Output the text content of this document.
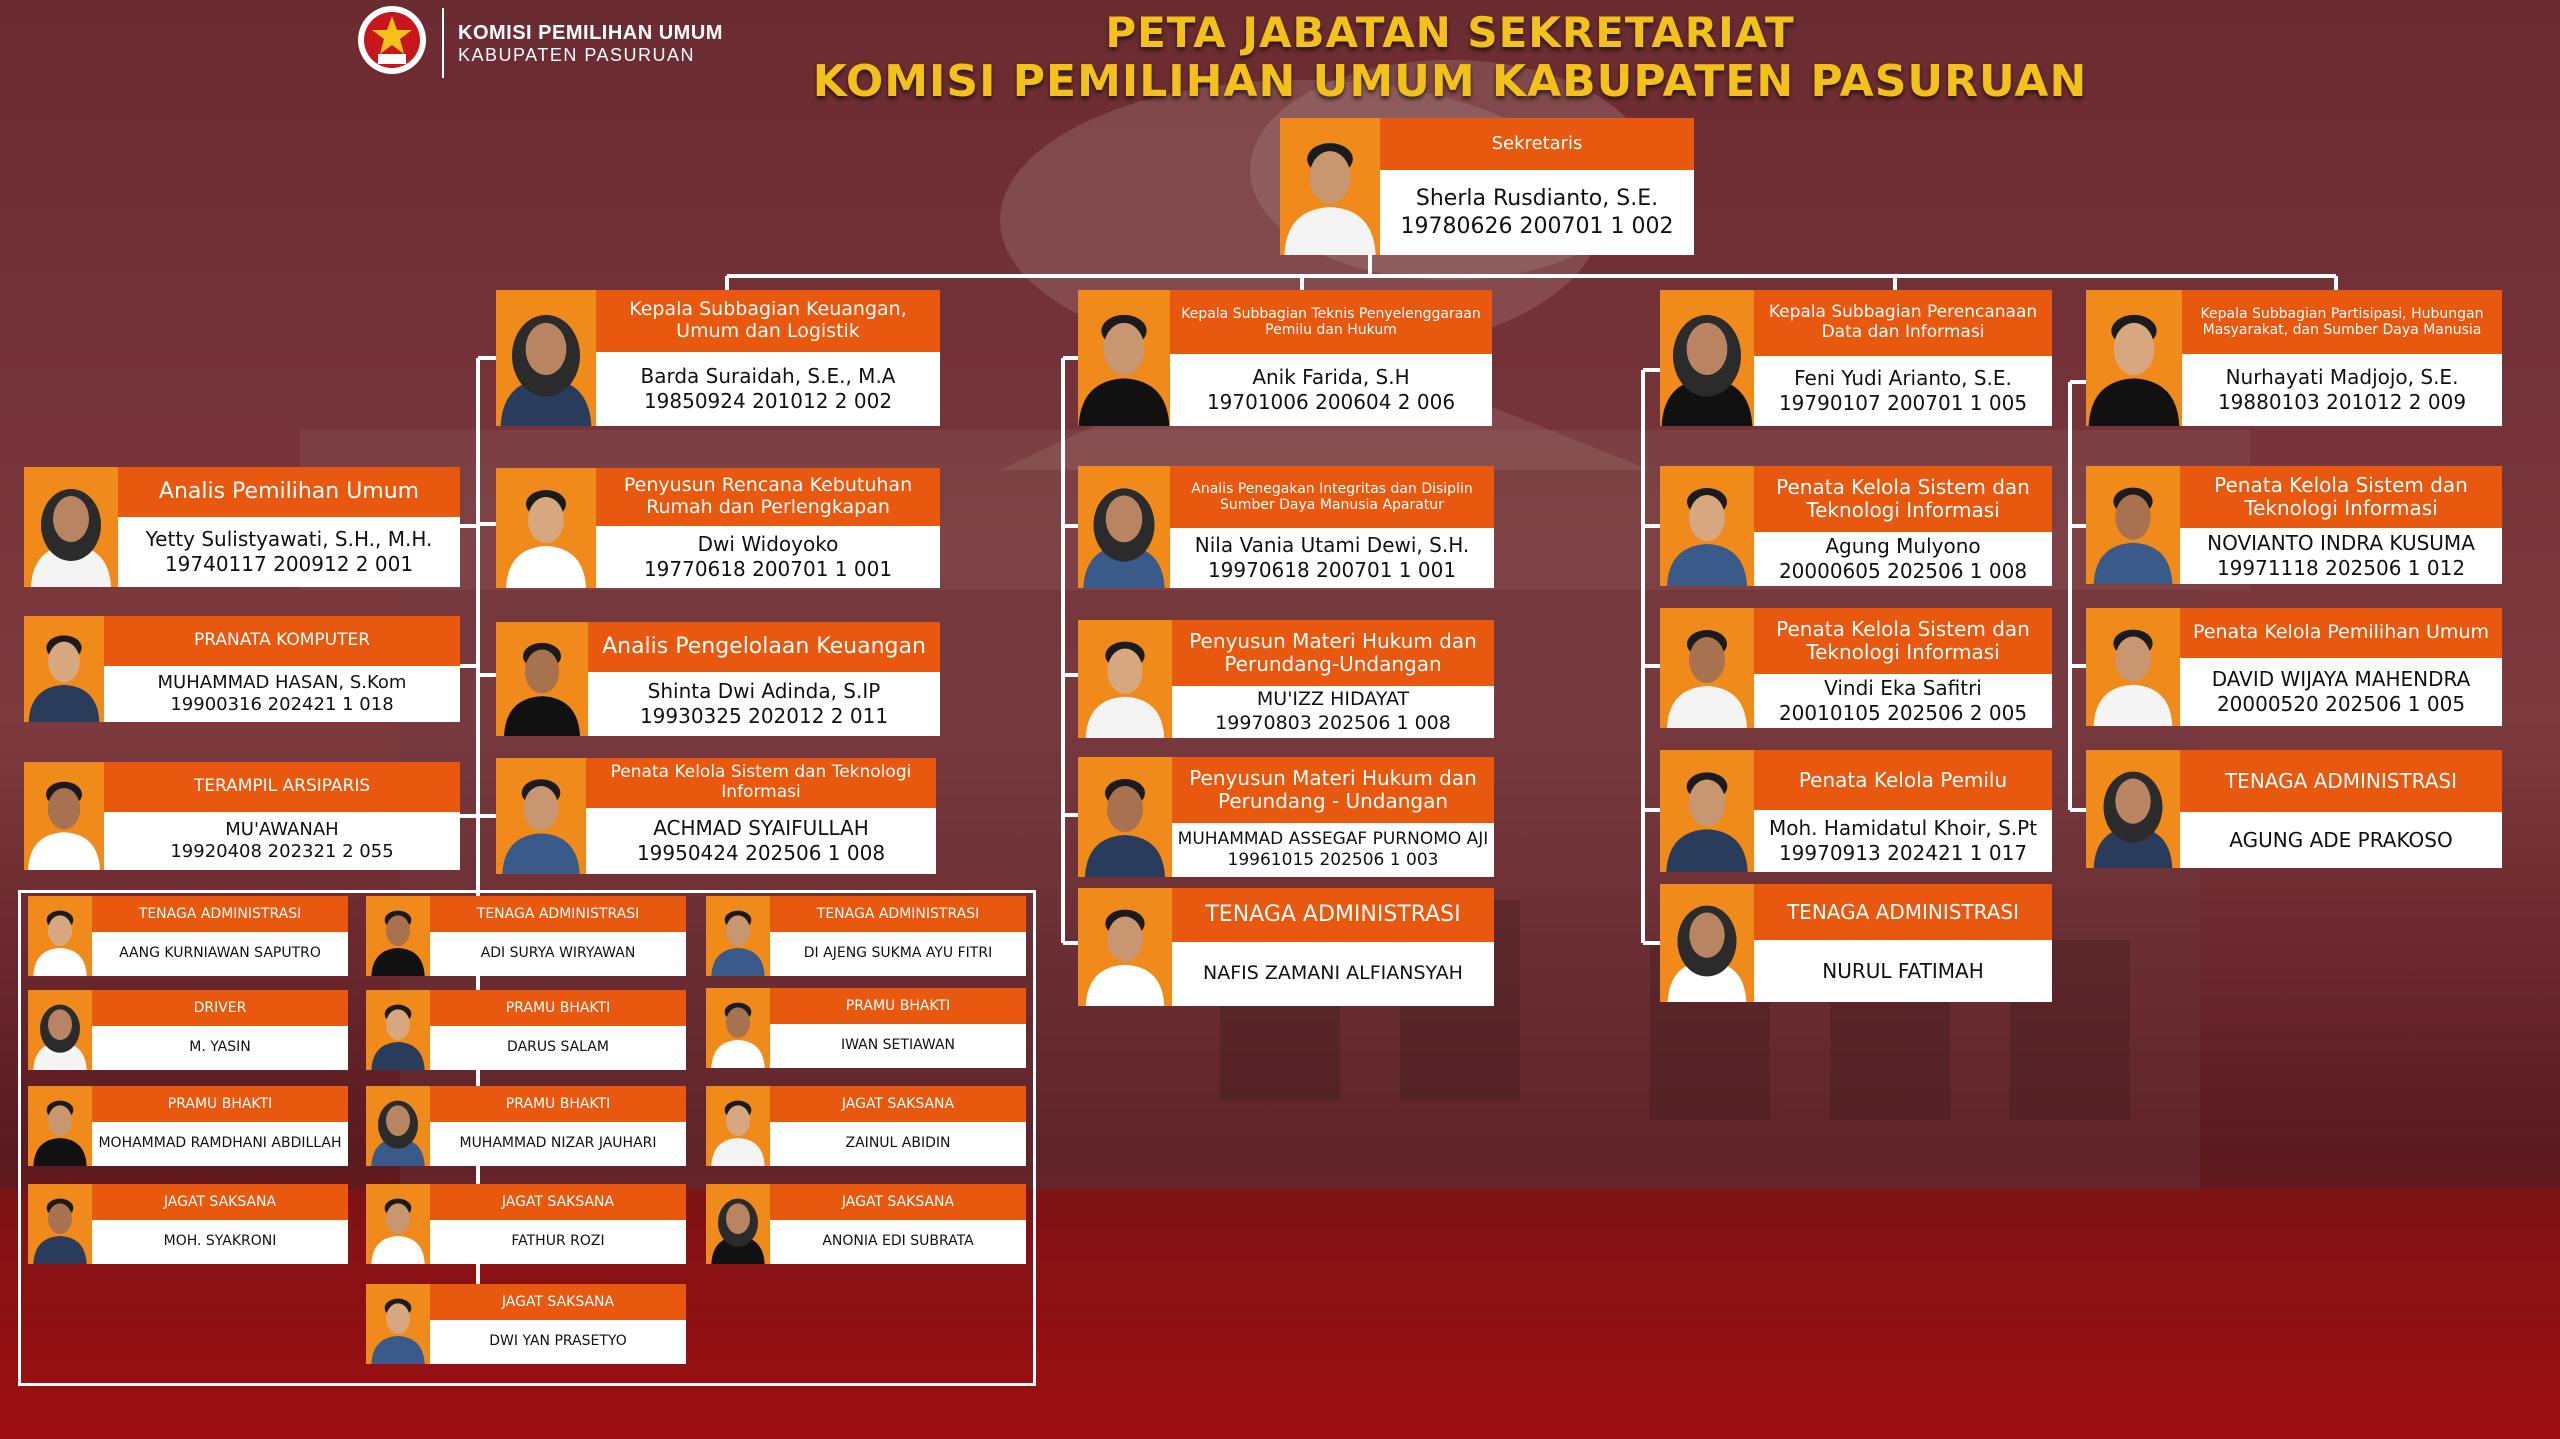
KOMISI PEMILIHAN UMUM
KABUPATEN PASURUAN	PETA JABATAN SEKRETARIAT
KOMISI PEMILIHAN UMUM KABUPATEN PASURUAN
Sekretaris
Sherla Rusdianto, S.E.
19780626 200701 1 002
Kepala Subbagian Keuangan, Umum dan Logistik
Barda Suraidah, S.E., M.A
19850924 201012 2 002
Penyusun Rencana Kebutuhan Rumah dan Perlengkapan
Dwi Widoyoko
19770618 200701 1 001
Analis Pengelolaan Keuangan
Shinta Dwi Adinda, S.IP
19930325 202012 2 011
Penata Kelola Sistem dan Teknologi Informasi
ACHMAD SYAIFULLAH
19950424 202506 1 008
Analis Pemilihan Umum
Yetty Sulistyawati, S.H., M.H.
19740117 200912 2 001
PRANATA KOMPUTER
MUHAMMAD HASAN, S.Kom
19900316 202421 1 018
TERAMPIL ARSIPARIS
MU'AWANAH
19920408 202321 2 055
Kepala Subbagian Teknis Penyelenggaraan Pemilu dan Hukum
Anik Farida, S.H
19701006 200604 2 006
Analis Penegakan Integritas dan Disiplin Sumber Daya Manusia Aparatur
Nila Vania Utami Dewi, S.H.
19970618 200701 1 001
Penyusun Materi Hukum dan Perundang-Undangan
MU'IZZ HIDAYAT
19970803 202506 1 008
Penyusun Materi Hukum dan Perundang - Undangan
MUHAMMAD ASSEGAF PURNOMO AJI
19961015 202506 1 003
TENAGA ADMINISTRASI
NAFIS ZAMANI ALFIANSYAH
Kepala Subbagian Perencanaan Data dan Informasi
Feni Yudi Arianto, S.E.
19790107 200701 1 005
Penata Kelola Sistem dan Teknologi Informasi
Agung Mulyono
20000605 202506 1 008
Penata Kelola Sistem dan Teknologi Informasi
Vindi Eka Safitri
20010105 202506 2 005
Penata Kelola Pemilu
Moh. Hamidatul Khoir, S.Pt
19970913 202421 1 017
TENAGA ADMINISTRASI
NURUL FATIMAH
Kepala Subbagian Partisipasi, Hubungan Masyarakat, dan Sumber Daya Manusia
Nurhayati Madjojo, S.E.
19880103 201012 2 009
Penata Kelola Sistem dan Teknologi Informasi
NOVIANTO INDRA KUSUMA
19971118 202506 1 012
Penata Kelola Pemilihan Umum
DAVID WIJAYA MAHENDRA
20000520 202506 1 005
TENAGA ADMINISTRASI
AGUNG ADE PRAKOSO
TENAGA ADMINISTRASI
AANG KURNIAWAN SAPUTRO
TENAGA ADMINISTRASI
ADI SURYA WIRYAWAN
TENAGA ADMINISTRASI
DI AJENG SUKMA AYU FITRI
DRIVER
M. YASIN
PRAMU BHAKTI
DARUS SALAM
PRAMU BHAKTI
IWAN SETIAWAN
PRAMU BHAKTI
MOHAMMAD RAMDHANI ABDILLAH
PRAMU BHAKTI
MUHAMMAD NIZAR JAUHARI
JAGAT SAKSANA
ZAINUL ABIDIN
JAGAT SAKSANA
MOH. SYAKRONI
JAGAT SAKSANA
FATHUR ROZI
JAGAT SAKSANA
ANONIA EDI SUBRATA
JAGAT SAKSANA
DWI YAN PRASETYO
